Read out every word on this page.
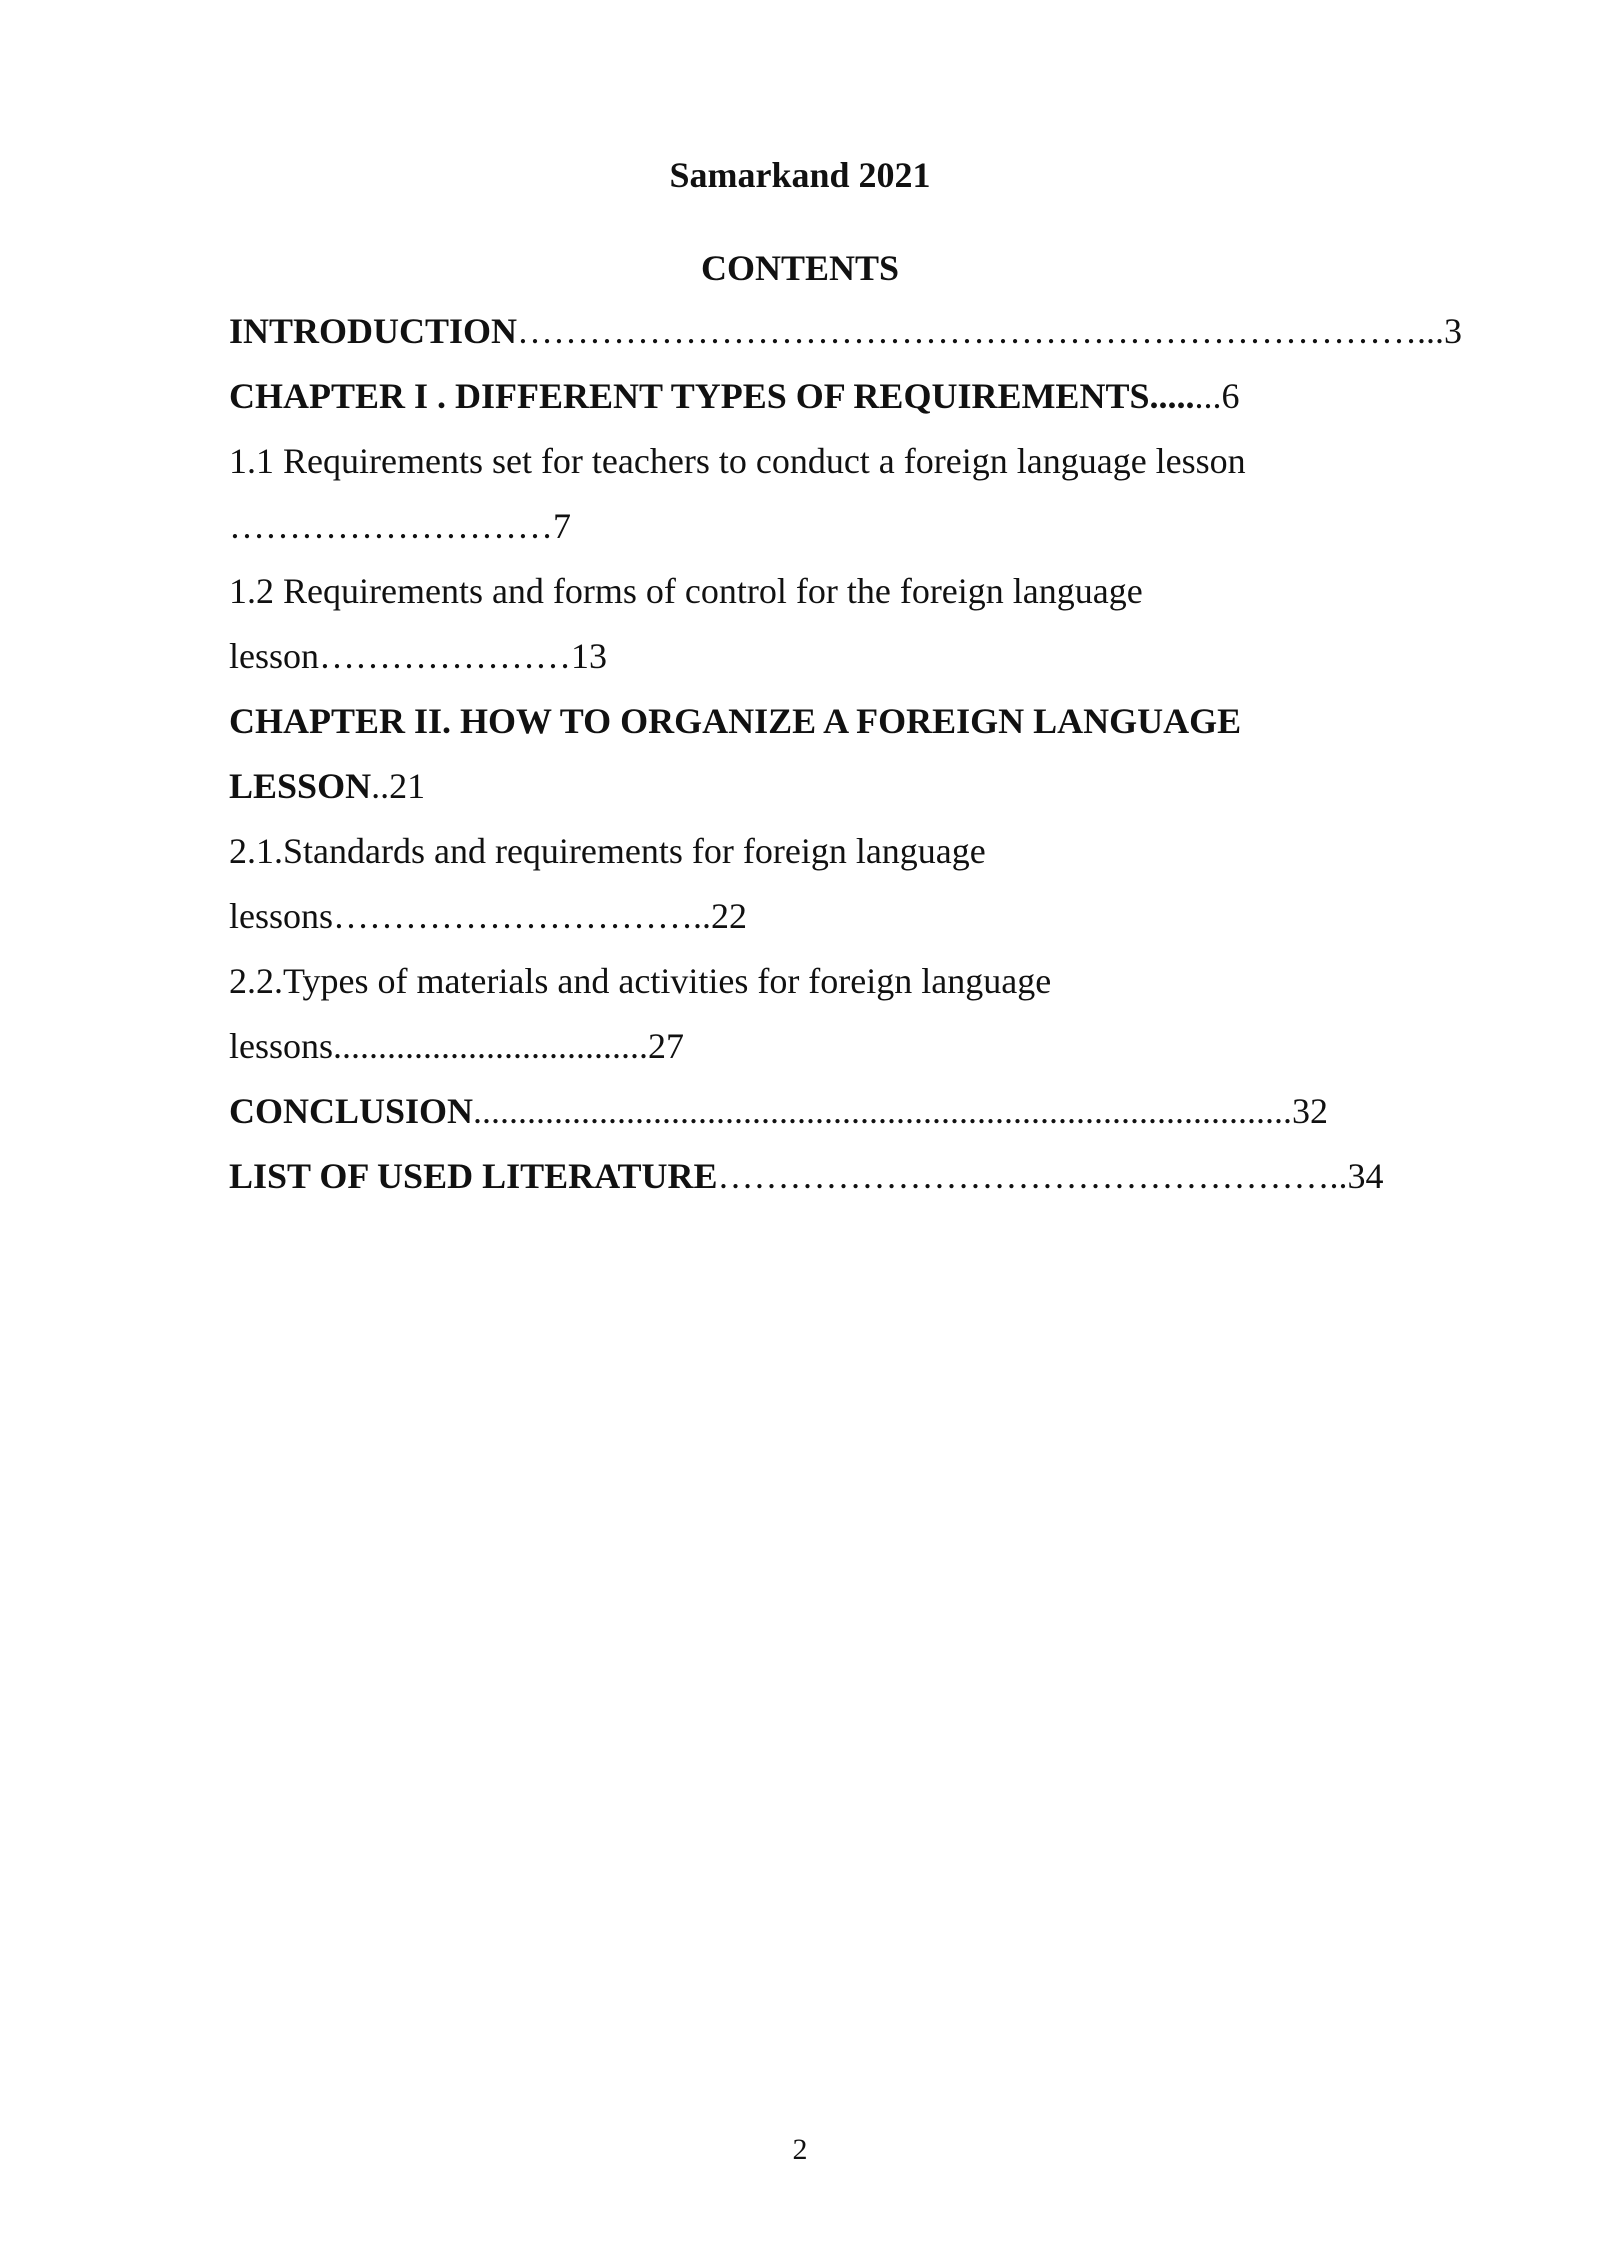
Samarkand 2021
CONTENTS
INTRODUCTION…………………………………………………………………...3
CHAPTER I . DIFFERENT TYPES OF REQUIREMENTS........6
1.1 Requirements set for teachers to conduct a foreign language lesson
………………………7
1.2 Requirements and forms of control for the foreign language
lesson…………………13
CHAPTER II. HOW TO ORGANIZE A FOREIGN LANGUAGE
LESSON..21
2.1.Standards and requirements for foreign language
lessons…………………………..22
2.2.Types of materials and activities for foreign language
lessons...................................27
CONCLUSION...........................................................................................32
LIST OF USED LITERATURE……………………………………………..34
2
